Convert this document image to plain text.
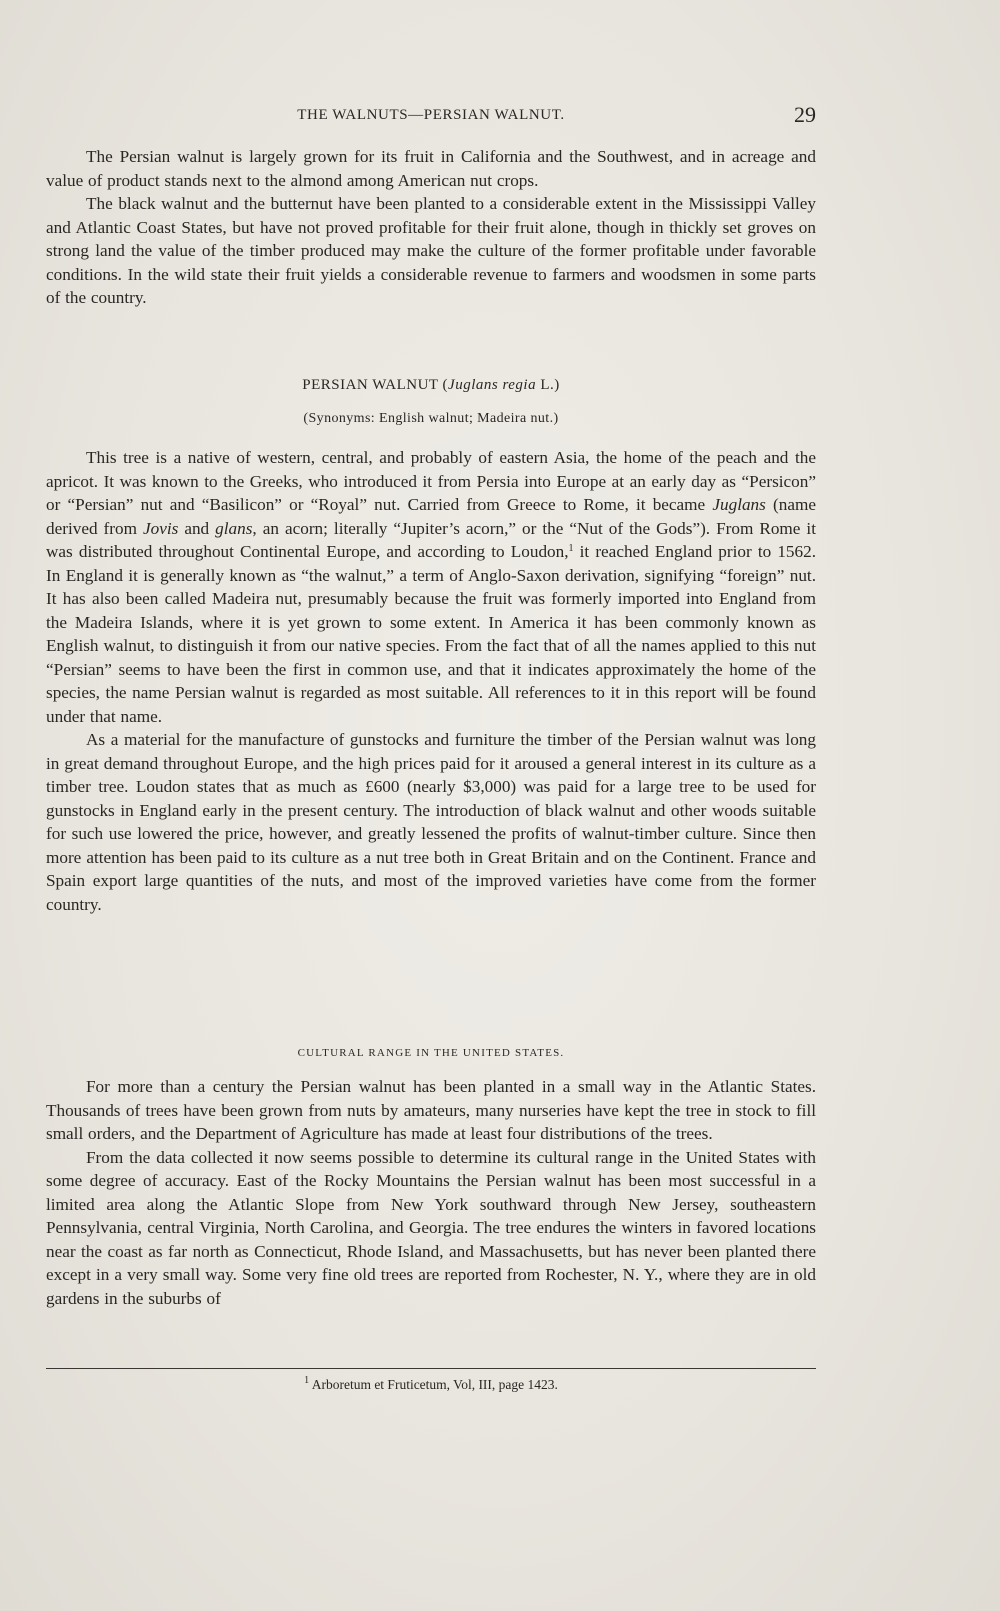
THE WALNUTS—PERSIAN WALNUT.	29

The Persian walnut is largely grown for its fruit in California and the Southwest, and in acreage and value of product stands next to the almond among American nut crops.

The black walnut and the butternut have been planted to a considerable extent in the Mississippi Valley and Atlantic Coast States, but have not proved profitable for their fruit alone, though in thickly set groves on strong land the value of the timber produced may make the culture of the former profitable under favorable conditions. In the wild state their fruit yields a considerable revenue to farmers and woodsmen in some parts of the country.

PERSIAN WALNUT (Juglans regia L.)
(Synonyms: English walnut; Madeira nut.)

This tree is a native of western, central, and probably of eastern Asia, the home of the peach and the apricot. It was known to the Greeks, who introduced it from Persia into Europe at an early day as “Persicon” or “Persian” nut and “Basilicon” or “Royal” nut. Carried from Greece to Rome, it became Juglans (name derived from Jovis and glans, an acorn; literally “Jupiter’s acorn,” or the “Nut of the Gods”). From Rome it was distributed throughout Continental Europe, and according to Loudon,$^1$ it reached England prior to 1562. In England it is generally known as “the walnut,” a term of Anglo-Saxon derivation, signifying “foreign” nut. It has also been called Madeira nut, presumably because the fruit was formerly imported into England from the Madeira Islands, where it is yet grown to some extent. In America it has been commonly known as English walnut, to distinguish it from our native species. From the fact that of all the names applied to this nut “Persian” seems to have been the first in common use, and that it indicates approximately the home of the species, the name Persian walnut is regarded as most suitable. All references to it in this report will be found under that name.

As a material for the manufacture of gunstocks and furniture the timber of the Persian walnut was long in great demand throughout Europe, and the high prices paid for it aroused a general interest in its culture as a timber tree. Loudon states that as much as £600 (nearly $3,000) was paid for a large tree to be used for gunstocks in England early in the present century. The introduction of black walnut and other woods suitable for such use lowered the price, however, and greatly lessened the profits of walnut-timber culture. Since then more attention has been paid to its culture as a nut tree both in Great Britain and on the Continent. France and Spain export large quantities of the nuts, and most of the improved varieties have come from the former country.

CULTURAL RANGE IN THE UNITED STATES.

For more than a century the Persian walnut has been planted in a small way in the Atlantic States. Thousands of trees have been grown from nuts by amateurs, many nurseries have kept the tree in stock to fill small orders, and the Department of Agriculture has made at least four distributions of the trees.

From the data collected it now seems possible to determine its cultural range in the United States with some degree of accuracy. East of the Rocky Mountains the Persian walnut has been most successful in a limited area along the Atlantic Slope from New York southward through New Jersey, southeastern Pennsylvania, central Virginia, North Carolina, and Georgia. The tree endures the winters in favored locations near the coast as far north as Connecticut, Rhode Island, and Massachusetts, but has never been planted there except in a very small way. Some very fine old trees are reported from Rochester, N. Y., where they are in old gardens in the suburbs of

$^1$ Arboretum et Fruticetum, Vol, III, page 1423.
